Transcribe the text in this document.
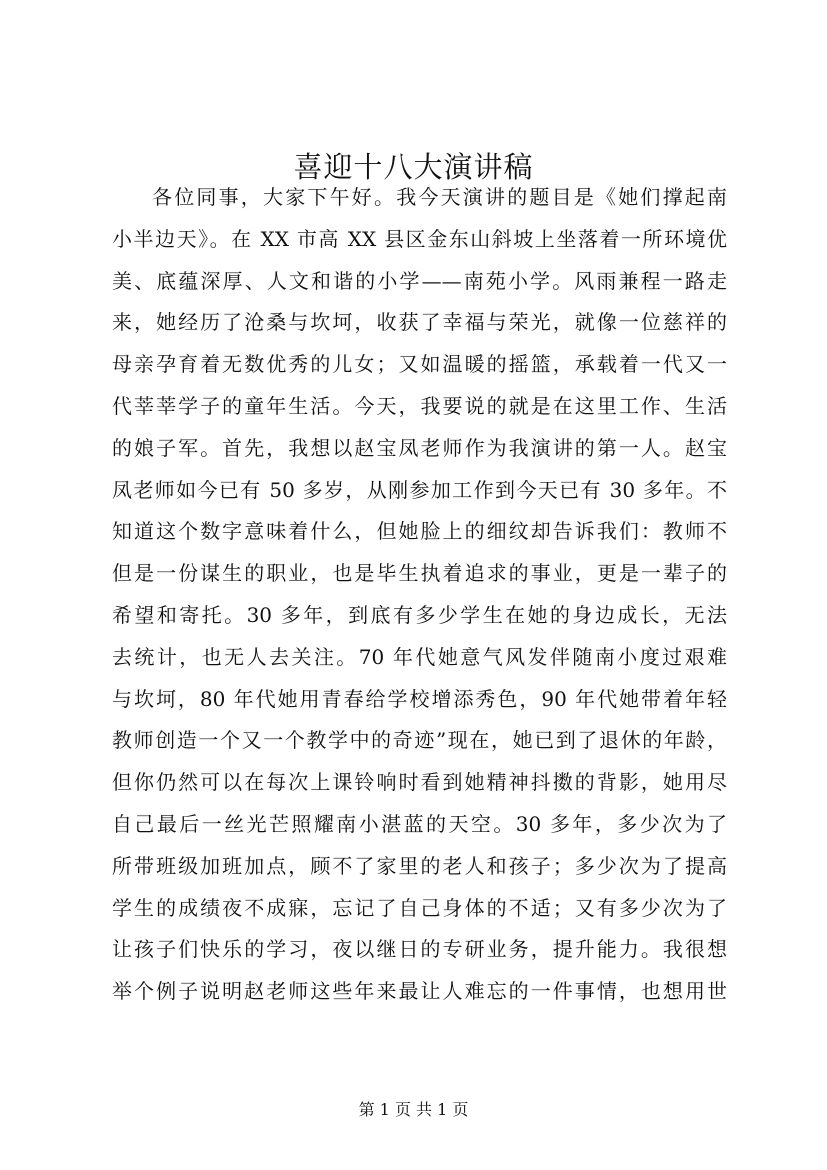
喜迎十八大演讲稿
各位同事，大家下午好。我今天演讲的题目是《她们撑起南
小半边天》。在 XX 市高 XX 县区金东山斜坡上坐落着一所环境优
美、底蕴深厚、人文和谐的小学——南苑小学。风雨兼程一路走
来，她经历了沧桑与坎坷，收获了幸福与荣光，就像一位慈祥的
母亲孕育着无数优秀的儿女；又如温暖的摇篮，承载着一代又一
代莘莘学子的童年生活。今天，我要说的就是在这里工作、生活
的娘子军。首先，我想以赵宝凤老师作为我演讲的第一人。赵宝
凤老师如今已有 50 多岁，从刚参加工作到今天已有 30 多年。不
知道这个数字意味着什么，但她脸上的细纹却告诉我们：教师不
但是一份谋生的职业，也是毕生执着追求的事业，更是一辈子的
希望和寄托。30 多年，到底有多少学生在她的身边成长，无法
去统计，也无人去关注。70 年代她意气风发伴随南小度过艰难
与坎坷，80 年代她用青春给学校增添秀色，90 年代她带着年轻
教师创造一个又一个教学中的奇迹”现在，她已到了退休的年龄，
但你仍然可以在每次上课铃响时看到她精神抖擞的背影，她用尽
自己最后一丝光芒照耀南小湛蓝的天空。30 多年，多少次为了
所带班级加班加点，顾不了家里的老人和孩子；多少次为了提高
学生的成绩夜不成寐，忘记了自己身体的不适；又有多少次为了
让孩子们快乐的学习，夜以继日的专研业务，提升能力。我很想
举个例子说明赵老师这些年来最让人难忘的一件事情，也想用世
第 1 页 共 1 页
